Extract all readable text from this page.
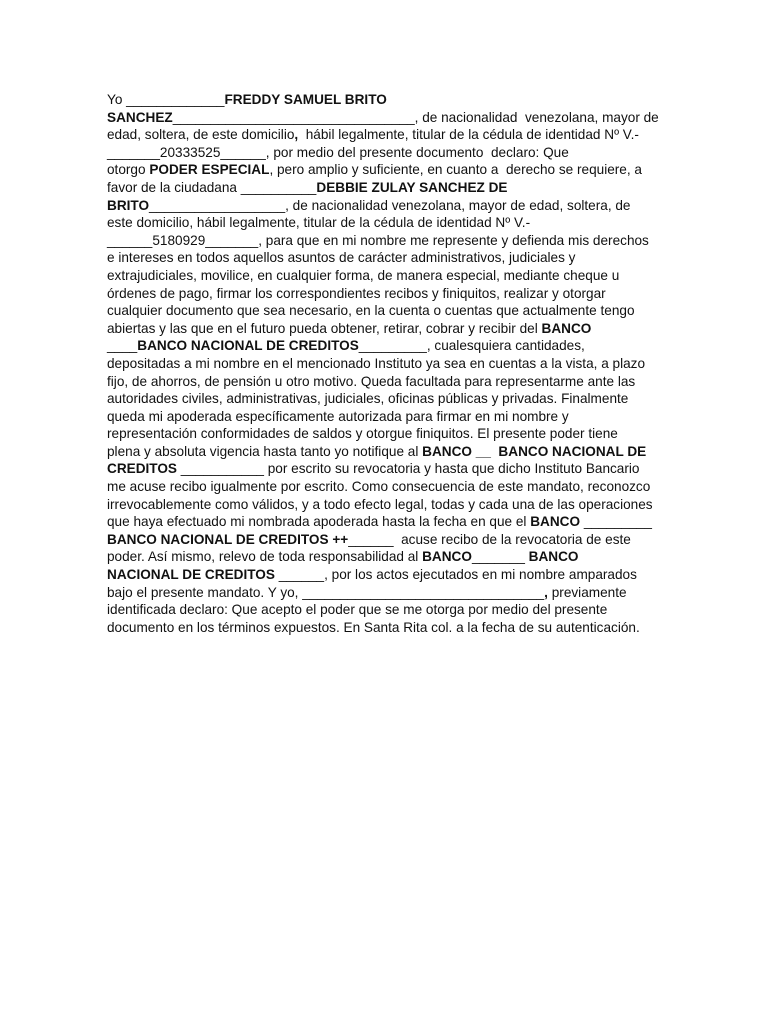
Yo _____________FREDDY SAMUEL BRITO
SANCHEZ________________________________, de nacionalidad  venezolana, mayor de
edad, soltera, de este domicilio,  hábil legalmente, titular de la cédula de identidad Nº V.-
_______20333525______, por medio del presente documento  declaro: Que
otorgo PODER ESPECIAL, pero amplio y suficiente, en cuanto a  derecho se requiere, a
favor de la ciudadana __________DEBBIE ZULAY SANCHEZ DE
BRITO__________________, de nacionalidad venezolana, mayor de edad, soltera, de
este domicilio, hábil legalmente, titular de la cédula de identidad Nº V.-
______5180929_______, para que en mi nombre me represente y defienda mis derechos
e intereses en todos aquellos asuntos de carácter administrativos, judiciales y
extrajudiciales, movilice, en cualquier forma, de manera especial, mediante cheque u
órdenes de pago, firmar los correspondientes recibos y finiquitos, realizar y otorgar
cualquier documento que sea necesario, en la cuenta o cuentas que actualmente tengo
abiertas y las que en el futuro pueda obtener, retirar, cobrar y recibir del BANCO
____BANCO NACIONAL DE CREDITOS_________, cualesquiera cantidades,
depositadas a mi nombre en el mencionado Instituto ya sea en cuentas a la vista, a plazo
fijo, de ahorros, de pensión u otro motivo. Queda facultada para representarme ante las
autoridades civiles, administrativas, judiciales, oficinas públicas y privadas. Finalmente
queda mi apoderada específicamente autorizada para firmar en mi nombre y
representación conformidades de saldos y otorgue finiquitos. El presente poder tiene
plena y absoluta vigencia hasta tanto yo notifique al BANCO __  BANCO NACIONAL DE
CREDITOS ___________ por escrito su revocatoria y hasta que dicho Instituto Bancario
me acuse recibo igualmente por escrito. Como consecuencia de este mandato, reconozco
irrevocablemente como válidos, y a todo efecto legal, todas y cada una de las operaciones
que haya efectuado mi nombrada apoderada hasta la fecha en que el BANCO _________
BANCO NACIONAL DE CREDITOS ++______  acuse recibo de la revocatoria de este
poder. Así mismo, relevo de toda responsabilidad al BANCO_______ BANCO
NACIONAL DE CREDITOS ______, por los actos ejecutados en mi nombre amparados
bajo el presente mandato. Y yo, ________________________________, previamente
identificada declaro: Que acepto el poder que se me otorga por medio del presente
documento en los términos expuestos. En Santa Rita col. a la fecha de su autenticación.
